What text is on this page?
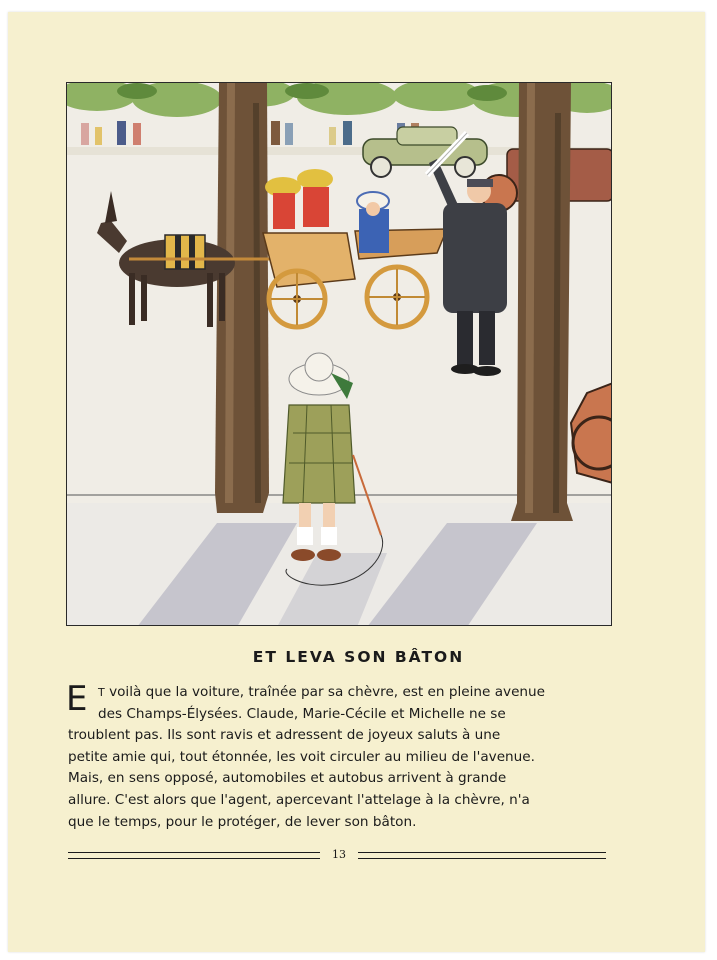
ET LEVA SON BÂTON
E T voilà que la voiture, traînée par sa chèvre, est en pleine avenue
des Champs-Élysées. Claude, Marie-Cécile et Michelle ne se
troublent pas. Ils sont ravis et adressent de joyeux saluts à une
petite amie qui, tout étonnée, les voit circuler au milieu de l'avenue.
Mais, en sens opposé, automobiles et autobus arrivent à grande
allure. C'est alors que l'agent, apercevant l'attelage à la chèvre, n'a
que le temps, pour le protéger, de lever son bâton.
13
